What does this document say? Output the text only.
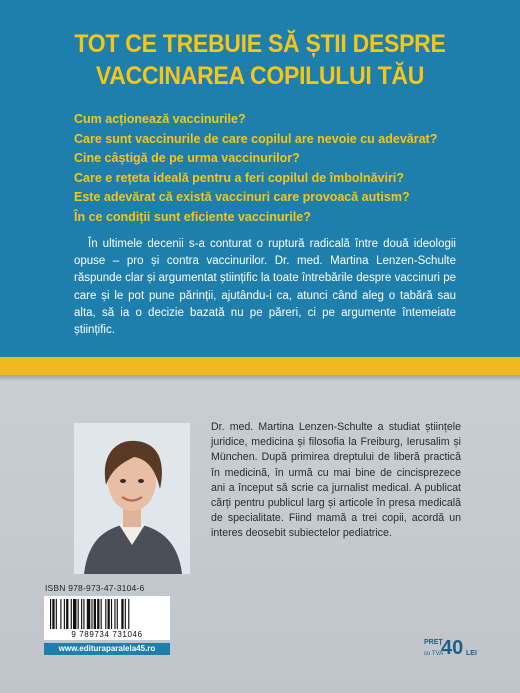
TOT CE TREBUIE SĂ ȘTII DESPRE
VACCINAREA COPILULUI TĂU
Cum acționează vaccinurile?
Care sunt vaccinurile de care copilul are nevoie cu adevărat?
Cine câștigă de pe urma vaccinurilor?
Care e rețeta ideală pentru a feri copilul de îmbolnăviri?
Este adevărat că există vaccinuri care provoacă autism?
În ce condiții sunt eficiente vaccinurile?

În ultimele decenii s-a conturat o ruptură radicală între două ideologii opuse – pro și contra vaccinurilor. Dr. med. Martina Lenzen-Schulte răspunde clar și argumentat științific la toate întrebările despre vaccinuri pe care și le pot pune părinții, ajutându-i ca, atunci când aleg o tabără sau alta, să ia o decizie bazată nu pe păreri, ci pe argumente întemeiate științific.

Dr. med. Martina Lenzen-Schulte a studiat științele juridice, medicina și filosofia la Freiburg, Ierusalim și München. După primirea dreptului de liberă practică în medicină, în urmă cu mai bine de cincisprezece ani a început să scrie ca jurnalist medical. A publicat cărți pentru publicul larg și articole în presa medicală de specialitate. Fiind mamă a trei copii, acordă un interes deosebit subiectelor pediatrice.

ISBN 978-973-47-3104-6
9 789734 731046
www.edituraparalela45.ro
PREȚ
cu TVA
40 LEI
